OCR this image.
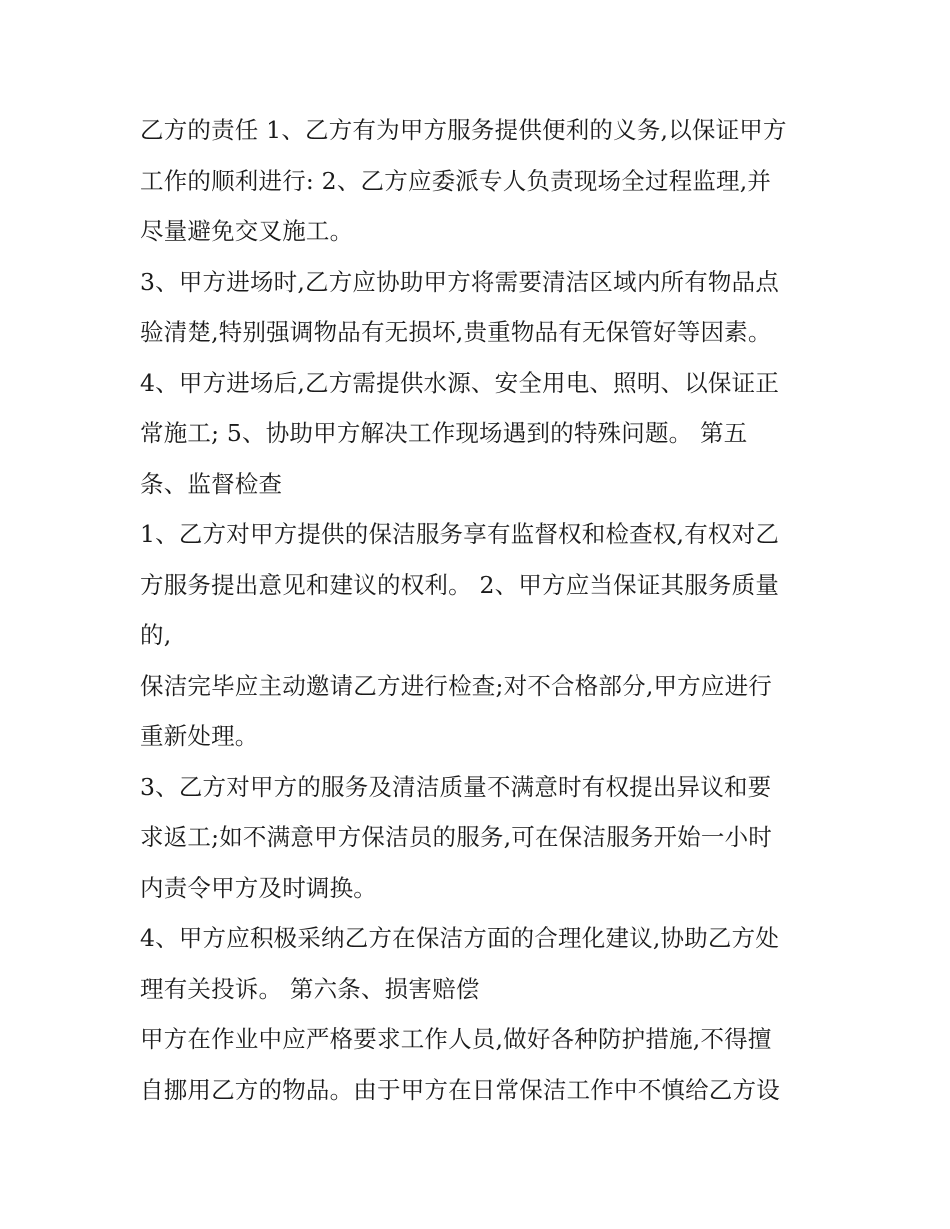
乙方的责任 1、乙方有为甲方服务提供便利的义务,以保证甲方
工作的顺利进行: 2、乙方应委派专人负责现场全过程监理,并
尽量避免交叉施工。
3、甲方进场时,乙方应协助甲方将需要清洁区域内所有物品点
验清楚,特别强调物品有无损坏,贵重物品有无保管好等因素。
4、甲方进场后,乙方需提供水源、安全用电、照明、以保证正
常施工; 5、协助甲方解决工作现场遇到的特殊问题。 第五
条、监督检查
1、乙方对甲方提供的保洁服务享有监督权和检查权,有权对乙
方服务提出意见和建议的权利。 2、甲方应当保证其服务质量
的,
保洁完毕应主动邀请乙方进行检查;对不合格部分,甲方应进行
重新处理。
3、乙方对甲方的服务及清洁质量不满意时有权提出异议和要
求返工;如不满意甲方保洁员的服务,可在保洁服务开始一小时
内责令甲方及时调换。
4、甲方应积极采纳乙方在保洁方面的合理化建议,协助乙方处
理有关投诉。 第六条、损害赔偿
甲方在作业中应严格要求工作人员,做好各种防护措施,不得擅
自挪用乙方的物品。由于甲方在日常保洁工作中不慎给乙方设
